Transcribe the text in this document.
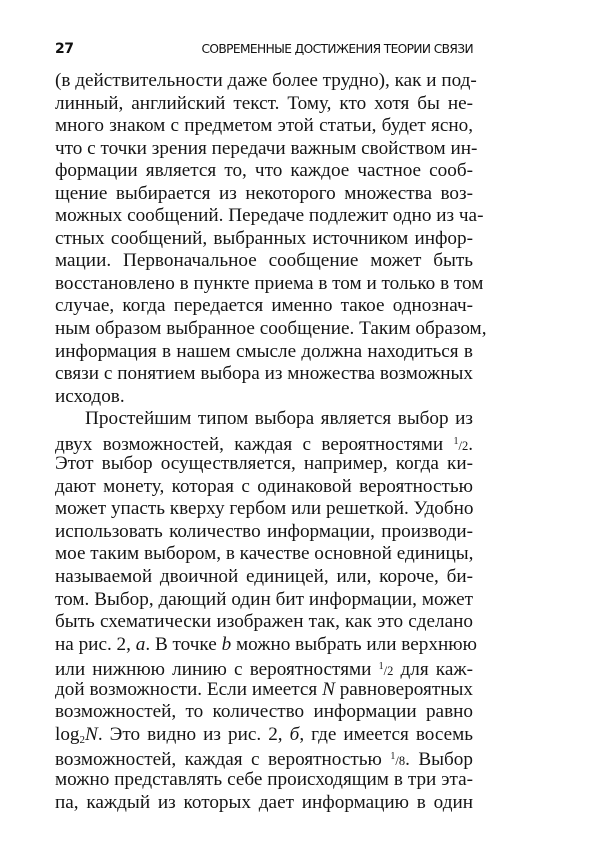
27	СОВРЕМЕННЫЕ ДОСТИЖЕНИЯ ТЕОРИИ СВЯЗИ
(в действительности даже более трудно), как и под-
линный, английский текст. Тому, кто хотя бы не-
много знаком с предметом этой статьи, будет ясно,
что с точки зрения передачи важным свойством ин-
формации является то, что каждое частное сооб-
щение выбирается из некоторого множества воз-
можных сообщений. Передаче подлежит одно из ча-
стных сообщений, выбранных источником инфор-
мации. Первоначальное сообщение может быть
восстановлено в пункте приема в том и только в том
случае, когда передается именно такое однознач-
ным образом выбранное сообщение. Таким образом,
информация в нашем смысле должна находиться в
связи с понятием выбора из множества возможных
исходов.
Простейшим типом выбора является выбор из
двух возможностей, каждая с вероятностями $^1$/2.
Этот выбор осуществляется, например, когда ки-
дают монету, которая с одинаковой вероятностью
может упасть кверху гербом или решеткой. Удобно
использовать количество информации, производи-
мое таким выбором, в качестве основной единицы,
называемой двоичной единицей, или, короче, би-
том. Выбор, дающий один бит информации, может
быть схематически изображен так, как это сделано
на рис. 2, а. В точке b можно выбрать или верхнюю
или нижнюю линию с вероятностями $^1$/2 для каж-
дой возможности. Если имеется N равновероятных
возможностей, то количество информации равно
$\log_2N$. Это видно из рис. 2, б, где имеется восемь
возможностей, каждая с вероятностью $^1$/8. Выбор
можно представлять себе происходящим в три эта-
па, каждый из которых дает информацию в один
